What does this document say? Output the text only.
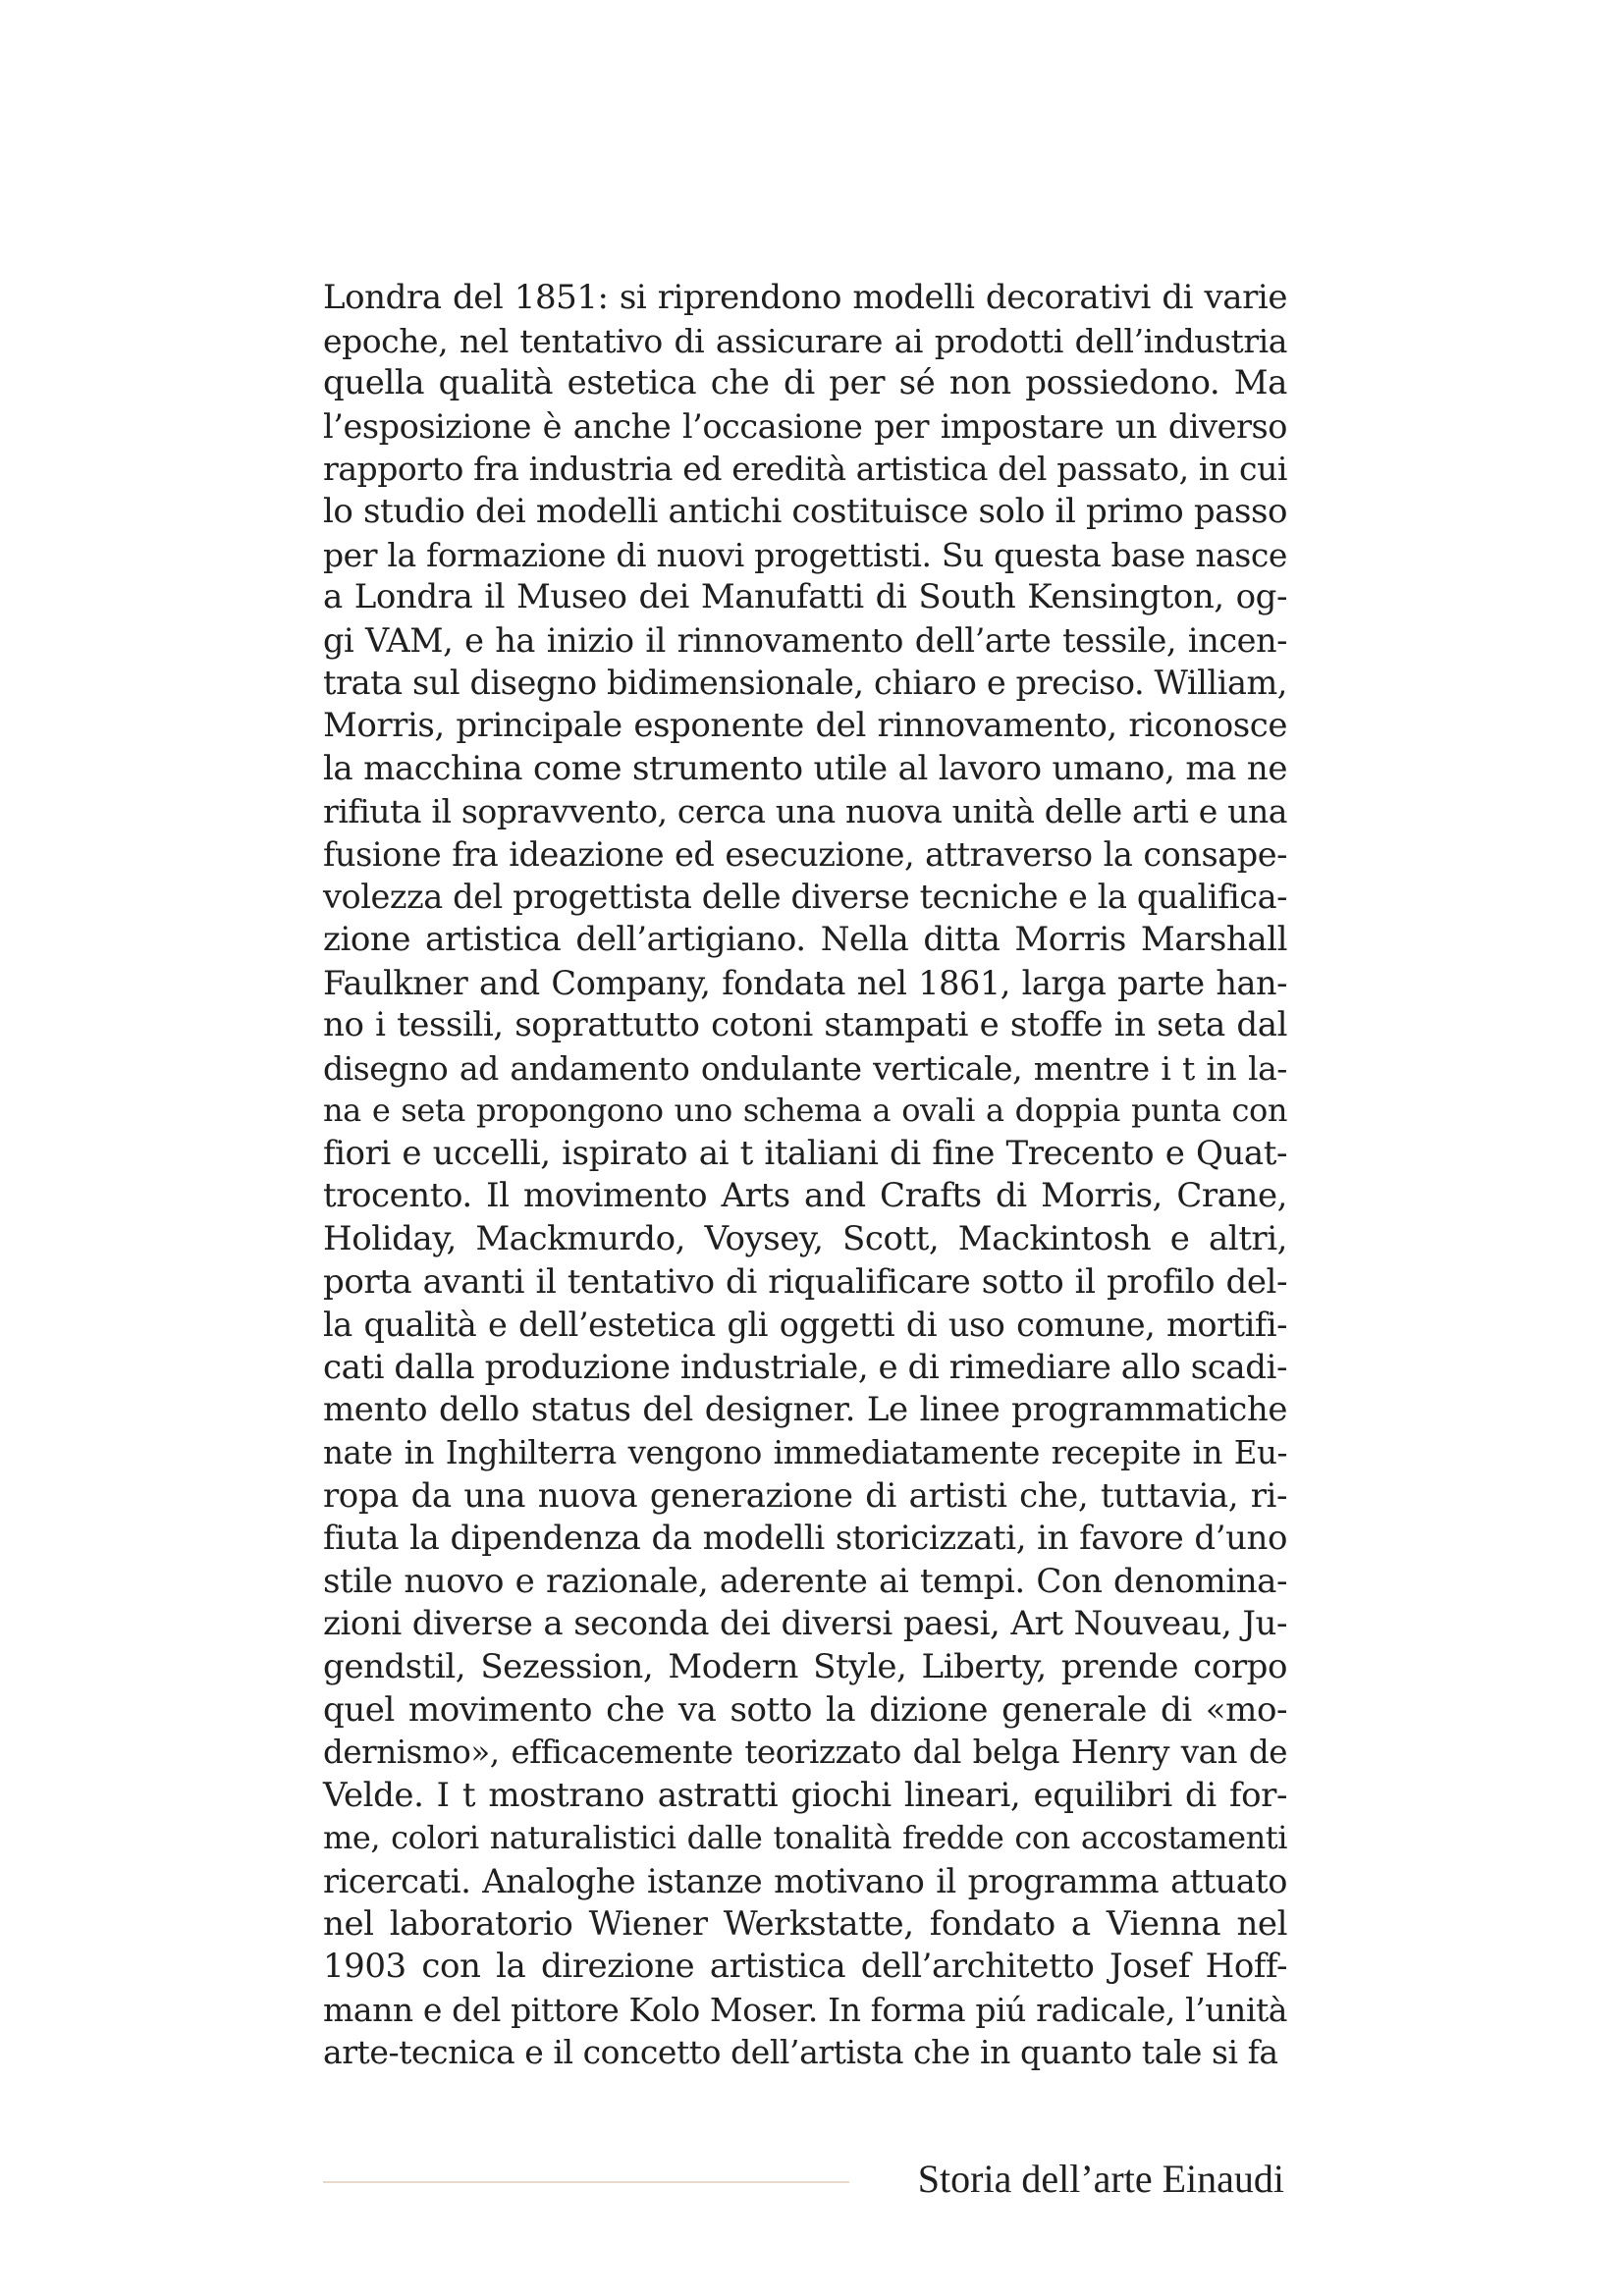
Londra del 1851: si riprendono modelli decorativi di varie
epoche, nel tentativo di assicurare ai prodotti dell’industria
quella qualità estetica che di per sé non possiedono. Ma
l’esposizione è anche l’occasione per impostare un diverso
rapporto fra industria ed eredità artistica del passato, in cui
lo studio dei modelli antichi costituisce solo il primo passo
per la formazione di nuovi progettisti. Su questa base nasce
a Londra il Museo dei Manufatti di South Kensington, og-
gi VAM, e ha inizio il rinnovamento dell’arte tessile, incen-
trata sul disegno bidimensionale, chiaro e preciso. William,
Morris, principale esponente del rinnovamento, riconosce
la macchina come strumento utile al lavoro umano, ma ne
rifiuta il sopravvento, cerca una nuova unità delle arti e una
fusione fra ideazione ed esecuzione, attraverso la consape-
volezza del progettista delle diverse tecniche e la qualifica-
zione artistica dell’artigiano. Nella ditta Morris Marshall
Faulkner and Company, fondata nel 1861, larga parte han-
no i tessili, soprattutto cotoni stampati e stoffe in seta dal
disegno ad andamento ondulante verticale, mentre i t in la-
na e seta propongono uno schema a ovali a doppia punta con
fiori e uccelli, ispirato ai t italiani di fine Trecento e Quat-
trocento. Il movimento Arts and Crafts di Morris, Crane,
Holiday, Mackmurdo, Voysey, Scott, Mackintosh e altri,
porta avanti il tentativo di riqualificare sotto il profilo del-
la qualità e dell’estetica gli oggetti di uso comune, mortifi-
cati dalla produzione industriale, e di rimediare allo scadi-
mento dello status del designer. Le linee programmatiche
nate in Inghilterra vengono immediatamente recepite in Eu-
ropa da una nuova generazione di artisti che, tuttavia, ri-
fiuta la dipendenza da modelli storicizzati, in favore d’uno
stile nuovo e razionale, aderente ai tempi. Con denomina-
zioni diverse a seconda dei diversi paesi, Art Nouveau, Ju-
gendstil, Sezession, Modern Style, Liberty, prende corpo
quel movimento che va sotto la dizione generale di «mo-
dernismo», efficacemente teorizzato dal belga Henry van de
Velde. I t mostrano astratti giochi lineari, equilibri di for-
me, colori naturalistici dalle tonalità fredde con accostamenti
ricercati. Analoghe istanze motivano il programma attuato
nel laboratorio Wiener Werkstatte, fondato a Vienna nel
1903 con la direzione artistica dell’architetto Josef Hoff-
mann e del pittore Kolo Moser. In forma piú radicale, l’unità
arte-tecnica e il concetto dell’artista che in quanto tale si fa
Storia dell’arte Einaudi
